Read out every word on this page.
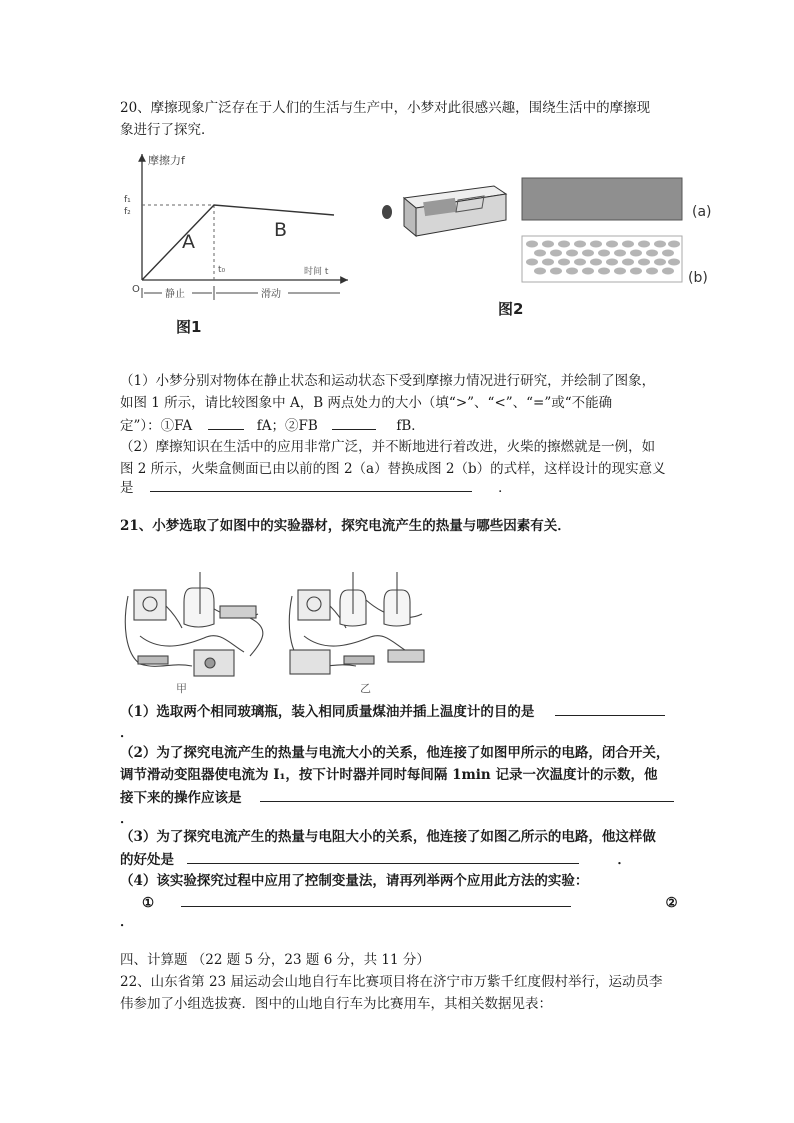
20、摩擦现象广泛存在于人们的生活与生产中，小梦对此很感兴趣，围绕生活中的摩擦现
象进行了探究．
摩擦力f
f₁
f₂
A
B
t₀
O
时间 t
静止	滑动
图1
(a)
(b)
图2
（1）小梦分别对物体在静止状态和运动状态下受到摩擦力情况进行研究，并绘制了图象，
如图 1 所示，请比较图象中 A，B 两点处力的大小（填“>”、“<”、“=”或“不能确
定”）：①FA	fA；②FB	fB．
（2）摩擦知识在生活中的应用非常广泛，并不断地进行着改进，火柴的擦燃就是一例，如
图 2 所示，火柴盒侧面已由以前的图 2（a）替换成图 2（b）的式样，这样设计的现实意义
是	．
21、小梦选取了如图中的实验器材，探究电流产生的热量与哪些因素有关．
甲	乙
（1）选取两个相同玻璃瓶，装入相同质量煤油并插上温度计的目的是
．
（2）为了探究电流产生的热量与电流大小的关系，他连接了如图甲所示的电路，闭合开关，
调节滑动变阻器使电流为 I₁，按下计时器并同时每间隔 1min 记录一次温度计的示数，他
接下来的操作应该是
．
（3）为了探究电流产生的热量与电阻大小的关系，他连接了如图乙所示的电路，他这样做
的好处是	．
（4）该实验探究过程中应用了控制变量法，请再列举两个应用此方法的实验：
①	②
．
四、计算题 （22 题 5 分，23 题 6 分，共 11 分）
22、山东省第 23 届运动会山地自行车比赛项目将在济宁市万紫千红度假村举行，运动员李
伟参加了小组选拔赛．图中的山地自行车为比赛用车，其相关数据见表：
